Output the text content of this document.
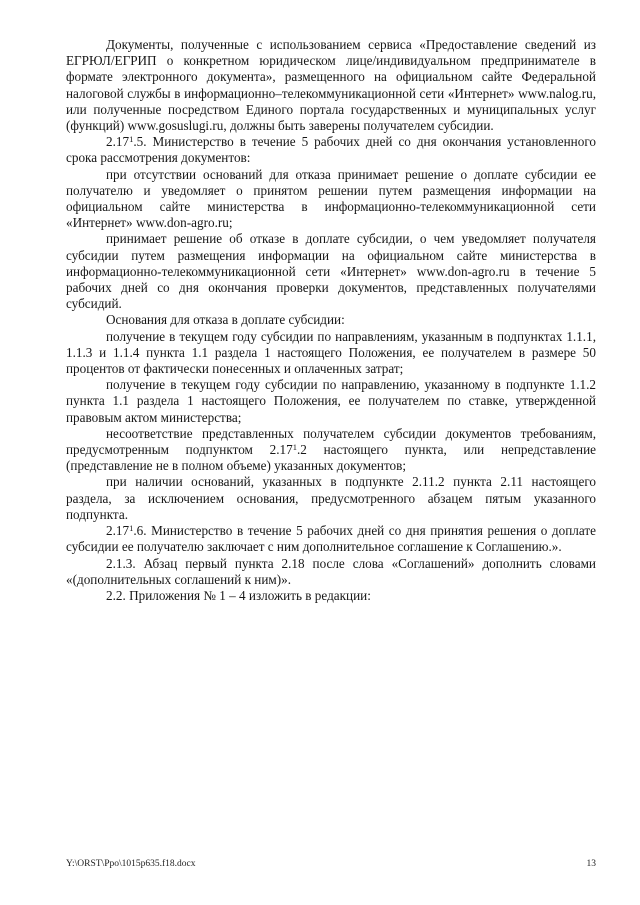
Документы, полученные с использованием сервиса «Предоставление сведений из ЕГРЮЛ/ЕГРИП о конкретном юридическом лице/индивидуальном предпринимателе в формате электронного документа», размещенного на официальном сайте Федеральной налоговой службы в информационно–телекоммуникационной сети «Интернет» www.nalog.ru, или полученные посредством Единого портала государственных и муниципальных услуг (функций) www.gosuslugi.ru, должны быть заверены получателем субсидии.

2.17$^1$.5. Министерство в течение 5 рабочих дней со дня окончания установленного срока рассмотрения документов:

при отсутствии оснований для отказа принимает решение о доплате субсидии ее получателю и уведомляет о принятом решении путем размещения информации на официальном сайте министерства в информационно-телекоммуникационной сети «Интернет» www.don-agro.ru;

принимает решение об отказе в доплате субсидии, о чем уведомляет получателя субсидии путем размещения информации на официальном сайте министерства в информационно-телекоммуникационной сети «Интернет» www.don-agro.ru в течение 5 рабочих дней со дня окончания проверки документов, представленных получателями субсидий.

Основания для отказа в доплате субсидии:

получение в текущем году субсидии по направлениям, указанным в подпунктах 1.1.1, 1.1.3 и 1.1.4 пункта 1.1 раздела 1 настоящего Положения, ее получателем в размере 50 процентов от фактически понесенных и оплаченных затрат;

получение в текущем году субсидии по направлению, указанному в подпункте 1.1.2 пункта 1.1 раздела 1 настоящего Положения, ее получателем по ставке, утвержденной правовым актом министерства;

несоответствие представленных получателем субсидии документов требованиям, предусмотренным подпунктом 2.17$^1$.2 настоящего пункта, или непредставление (представление не в полном объеме) указанных документов;

при наличии оснований, указанных в подпункте 2.11.2 пункта 2.11 настоящего раздела, за исключением основания, предусмотренного абзацем пятым указанного подпункта.

2.17$^1$.6. Министерство в течение 5 рабочих дней со дня принятия решения о доплате субсидии ее получателю заключает с ним дополнительное соглашение к Соглашению.».

2.1.3. Абзац первый пункта 2.18 после слова «Соглашений» дополнить словами «(дополнительных соглашений к ним)».

2.2. Приложения № 1 – 4 изложить в редакции:

Y:\ORST\Ppo\1015p635.f18.docx	13
